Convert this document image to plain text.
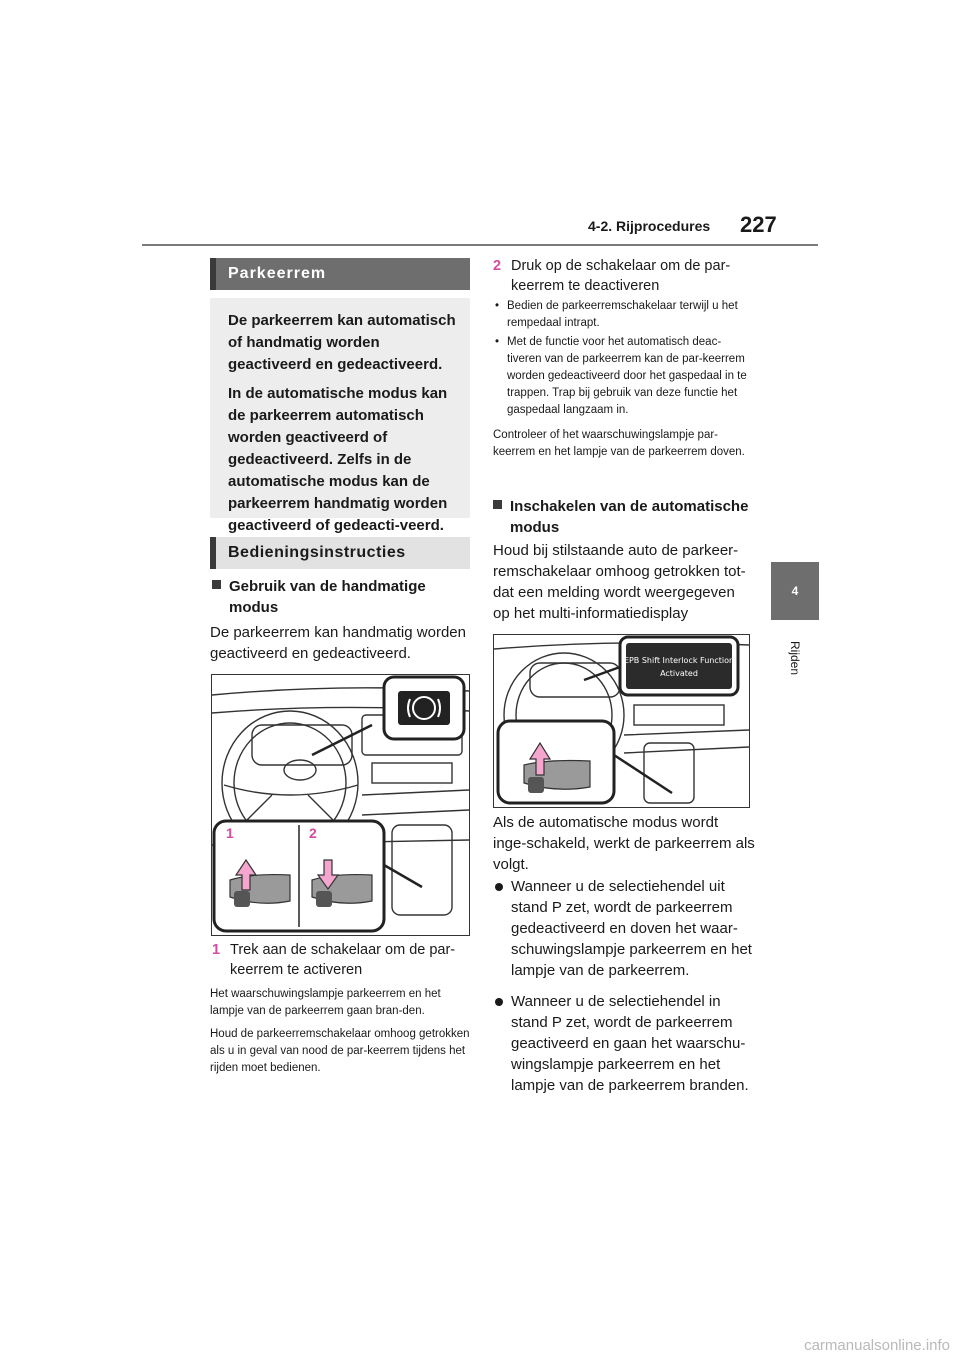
4-2. Rijprocedures 227
4
Rijden
Parkeerrem

De parkeerrem kan automatisch of handmatig worden geactiveerd en gedeactiveerd.

In de automatische modus kan de parkeerrem automatisch worden geactiveerd of gedeactiveerd. Zelfs in de automatische modus kan de parkeerrem handmatig worden geactiveerd of gedeacti-veerd.

Bedieningsinstructies
Gebruik van de handmatige
modus
De parkeerrem kan handmatig worden geactiveerd en gedeactiveerd.
1	2
1 Trek aan de schakelaar om de par-keerrem te activeren

Het waarschuwingslampje parkeerrem en het lampje van de parkeerrem gaan bran-den.

Houd de parkeerremschakelaar omhoog getrokken als u in geval van nood de par-keerrem tijdens het rijden moet bedienen.

2 Druk op de schakelaar om de par-keerrem te deactiveren
• Bedien de parkeerremschakelaar terwijl u het rempedaal intrapt.
• Met de functie voor het automatisch deac-tiveren van de parkeerrem kan de par-keerrem worden gedeactiveerd door het gaspedaal in te trappen. Trap bij gebruik van deze functie het gaspedaal langzaam in.

Controleer of het waarschuwingslampje par-keerrem en het lampje van de parkeerrem doven.

Inschakelen van de automatische
modus
Houd bij stilstaande auto de parkeer-remschakelaar omhoog getrokken tot-dat een melding wordt weergegeven op het multi-informatiedisplay
EPB Shift Interlock Function
Activated
Als de automatische modus wordt inge-schakeld, werkt de parkeerrem als volgt.
Wanneer u de selectiehendel uit stand P zet, wordt de parkeerrem gedeactiveerd en doven het waar-schuwingslampje parkeerrem en het lampje van de parkeerrem.
Wanneer u de selectiehendel in stand P zet, wordt de parkeerrem geactiveerd en gaan het waarschu-wingslampje parkeerrem en het lampje van de parkeerrem branden.
carmanualsonline.info
